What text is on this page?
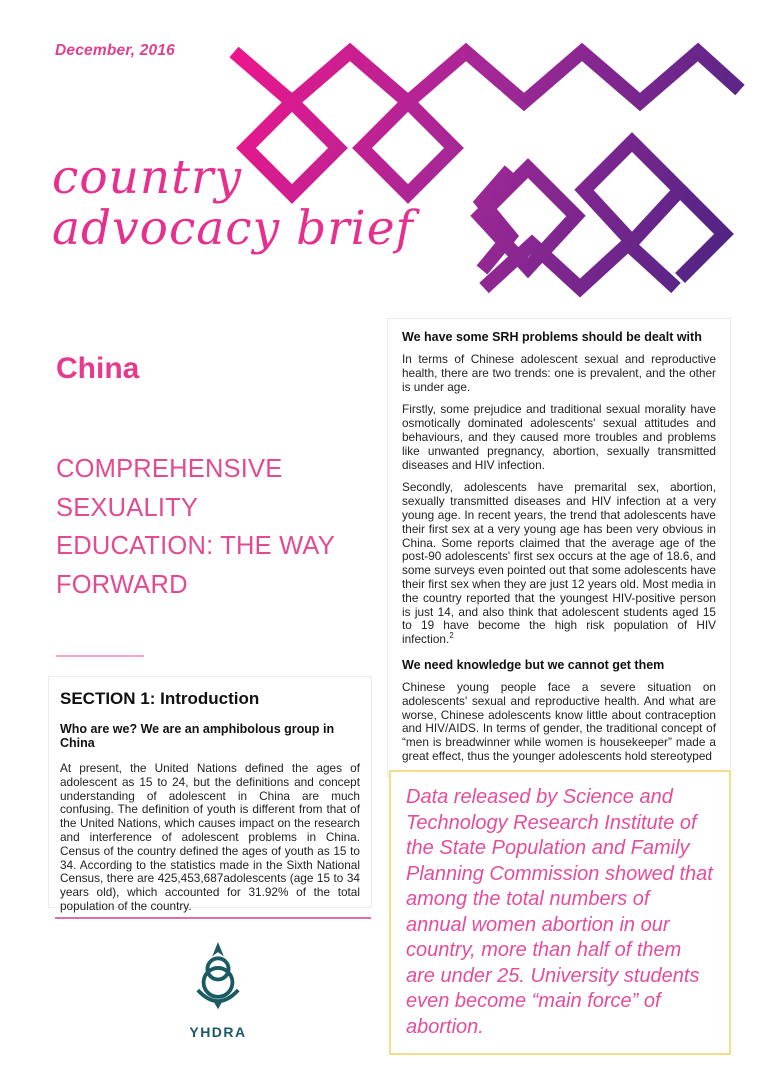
December, 2016
country
advocacy brief
China
COMPREHENSIVE SEXUALITY EDUCATION: THE WAY FORWARD
SECTION 1: Introduction
Who are we? We are an amphibolous group in China

At present, the United Nations defined the ages of adolescent as 15 to 24, but the definitions and concept understanding of adolescent in China are much confusing. The definition of youth is different from that of the United Nations, which causes impact on the research and interference of adolescent problems in China. Census of the country defined the ages of youth as 15 to 34. According to the statistics made in the Sixth National Census, there are 425,453,687adolescents (age 15 to 34 years old), which accounted for 31.92% of the total population of the country.

YHDRA
We have some SRH problems should be dealt with

In terms of Chinese adolescent sexual and reproductive health, there are two trends: one is prevalent, and the other is under age.

Firstly, some prejudice and traditional sexual morality have osmotically dominated adolescents' sexual attitudes and behaviours, and they caused more troubles and problems like unwanted pregnancy, abortion, sexually transmitted diseases and HIV infection.

Secondly, adolescents have premarital sex, abortion, sexually transmitted diseases and HIV infection at a very young age. In recent years, the trend that adolescents have their first sex at a very young age has been very obvious in China. Some reports claimed that the average age of the post-90 adolescents' first sex occurs at the age of 18.6, and some surveys even pointed out that some adolescents have their first sex when they are just 12 years old. Most media in the country reported that the youngest HIV-positive person is just 14, and also think that adolescent students aged 15 to 19 have become the high risk population of HIV infection.$^2$

We need knowledge but we cannot get them

Chinese young people face a severe situation on adolescents' sexual and reproductive health. And what are worse, Chinese adolescents know little about contraception and HIV/AIDS. In terms of gender, the traditional concept of “men is breadwinner while women is housekeeper” made a great effect, thus the younger adolescents hold stereotyped

Data released by Science and Technology Research Institute of the State Population and Family Planning Commission showed that among the total numbers of annual women abortion in our country, more than half of them are under 25. University students even become “main force” of abortion.
